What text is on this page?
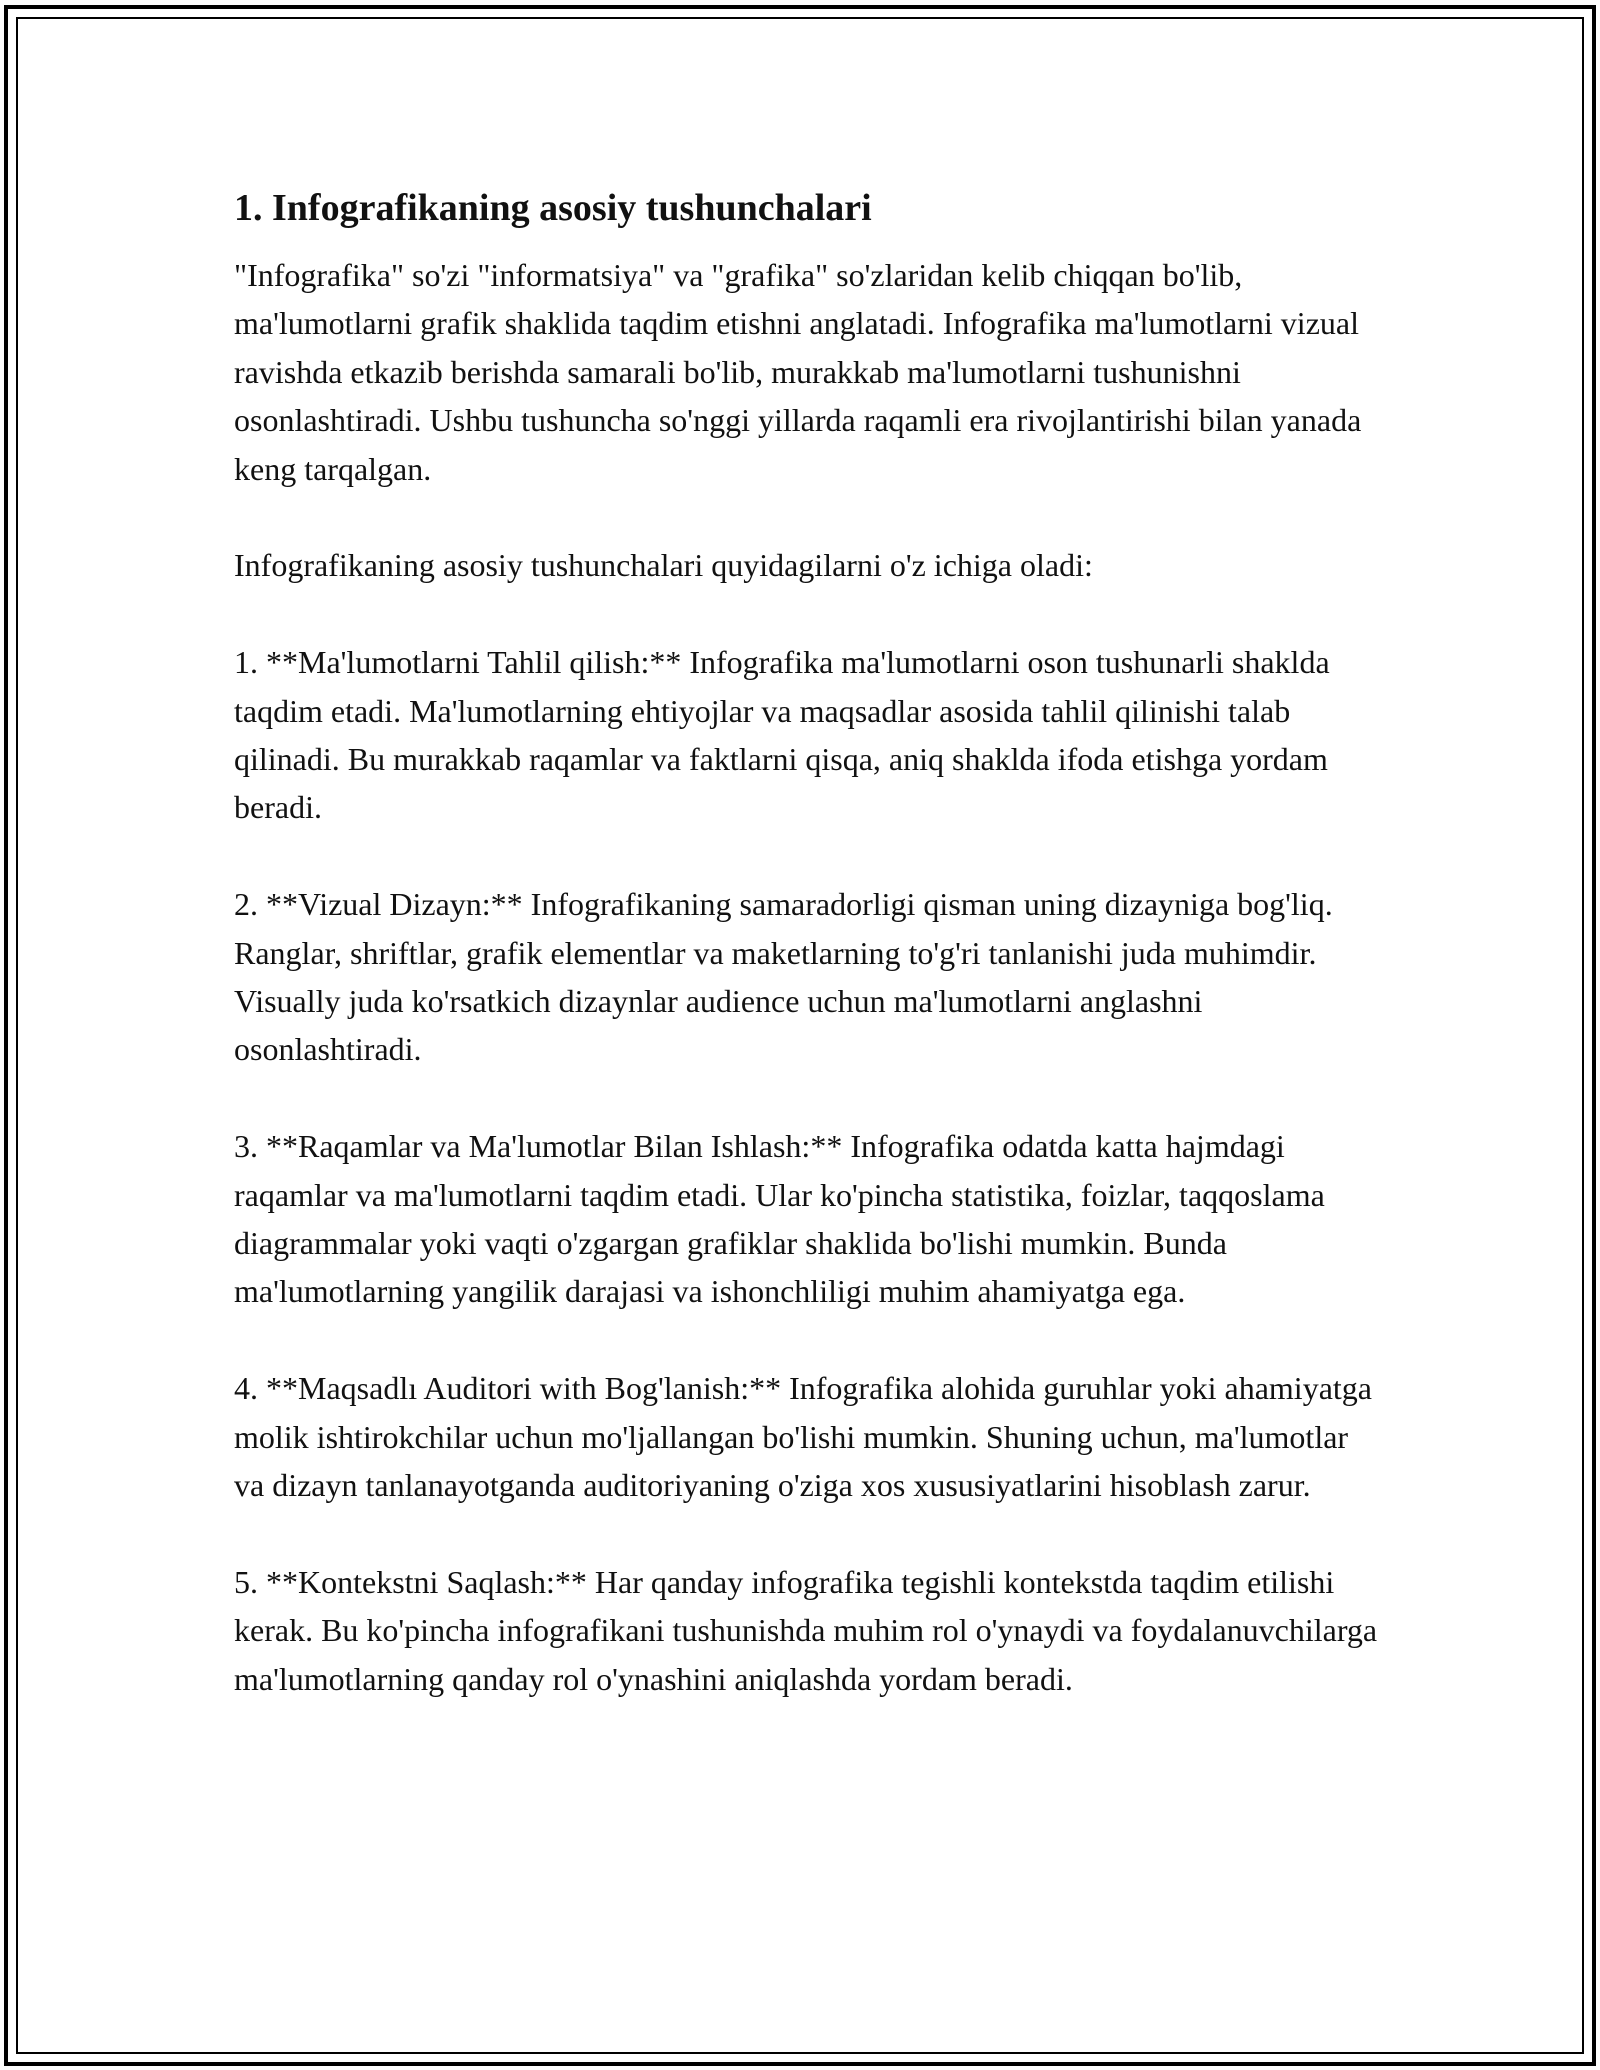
1. Infografikaning asosiy tushunchalari

"Infografika" so'zi "informatsiya" va "grafika" so'zlaridan kelib chiqqan bo'lib, ma'lumotlarni grafik shaklida taqdim etishni anglatadi. Infografika ma'lumotlarni vizual ravishda etkazib berishda samarali bo'lib, murakkab ma'lumotlarni tushunishni osonlashtiradi. Ushbu tushuncha so'nggi yillarda raqamli era rivojlantirishi bilan yanada keng tarqalgan.

Infografikaning asosiy tushunchalari quyidagilarni o'z ichiga oladi:

1. **Ma'lumotlarni Tahlil qilish:** Infografika ma'lumotlarni oson tushunarli shaklda taqdim etadi. Ma'lumotlarning ehtiyojlar va maqsadlar asosida tahlil qilinishi talab qilinadi. Bu murakkab raqamlar va faktlarni qisqa, aniq shaklda ifoda etishga yordam beradi.

2. **Vizual Dizayn:** Infografikaning samaradorligi qisman uning dizayniga bog'liq. Ranglar, shriftlar, grafik elementlar va maketlarning to'g'ri tanlanishi juda muhimdir. Visually juda ko'rsatkich dizaynlar audience uchun ma'lumotlarni anglashni osonlashtiradi.

3. **Raqamlar va Ma'lumotlar Bilan Ishlash:** Infografika odatda katta hajmdagi raqamlar va ma'lumotlarni taqdim etadi. Ular ko'pincha statistika, foizlar, taqqoslama diagrammalar yoki vaqti o'zgargan grafiklar shaklida bo'lishi mumkin. Bunda ma'lumotlarning yangilik darajasi va ishonchliligi muhim ahamiyatga ega.

4. **Maqsadlı Auditori with Bog'lanish:** Infografika alohida guruhlar yoki ahamiyatga molik ishtirokchilar uchun mo'ljallangan bo'lishi mumkin. Shuning uchun, ma'lumotlar va dizayn tanlanayotganda auditoriyaning o'ziga xos xususiyatlarini hisoblash zarur.

5. **Kontekstni Saqlash:** Har qanday infografika tegishli kontekstda taqdim etilishi kerak. Bu ko'pincha infografikani tushunishda muhim rol o'ynaydi va foydalanuvchilarga ma'lumotlarning qanday rol o'ynashini aniqlashda yordam beradi.
